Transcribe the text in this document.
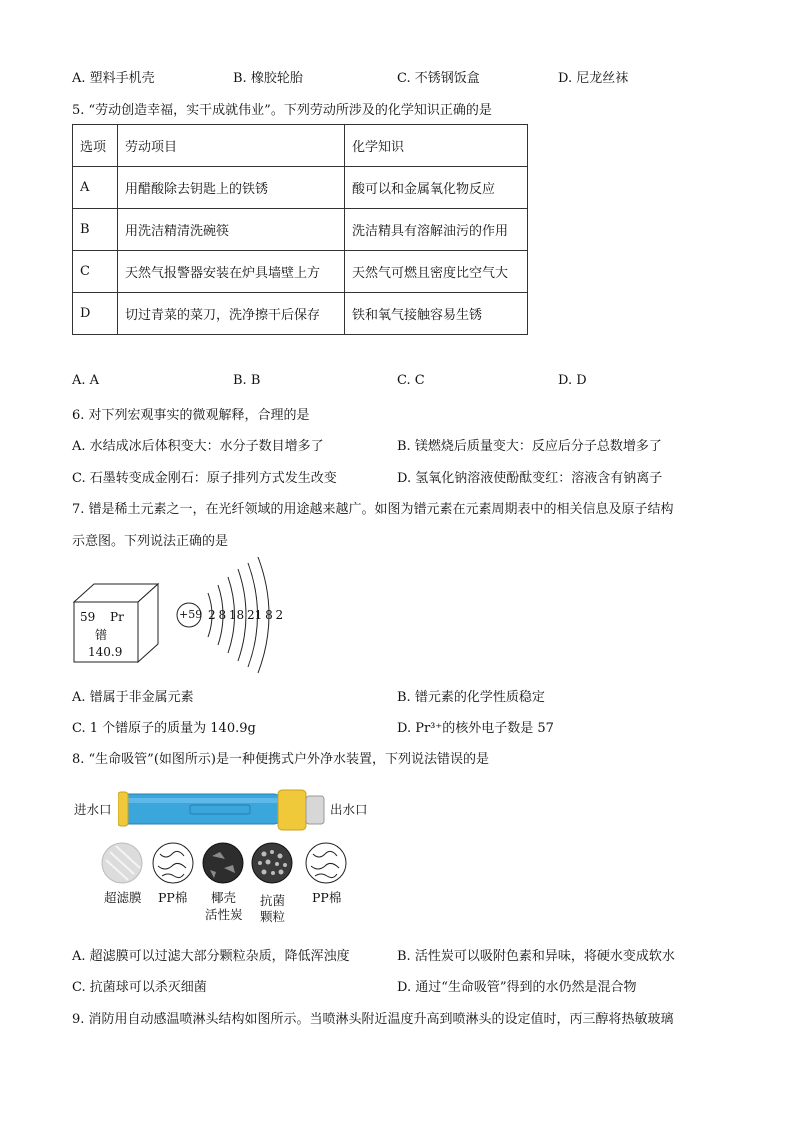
A. 塑料手机壳	B. 橡胶轮胎	C. 不锈钢饭盒	D. 尼龙丝袜
5. “劳动创造幸福，实干成就伟业”。下列劳动所涉及的化学知识正确的是
选项	劳动项目	化学知识
A	用醋酸除去钥匙上的铁锈	酸可以和金属氧化物反应
B	用洗洁精清洗碗筷	洗洁精具有溶解油污的作用
C	天然气报警器安装在炉具墙壁上方	天然气可燃且密度比空气大
D	切过青菜的菜刀，洗净擦干后保存	铁和氧气接触容易生锈
A. A	B. B	C. C	D. D
6. 对下列宏观事实的微观解释，合理的是
A. 水结成冰后体积变大：水分子数目增多了	B. 镁燃烧后质量变大：反应后分子总数增多了
C. 石墨转变成金刚石：原子排列方式发生改变	D. 氢氧化钠溶液使酚酞变红：溶液含有钠离子
7. 镨是稀土元素之一，在光纤领域的用途越来越广。如图为镨元素在元素周期表中的相关信息及原子结构
示意图。下列说法正确的是
59 Pr
镨
140.9
+59 2 8 18 21 8 2
A. 镨属于非金属元素	B. 镨元素的化学性质稳定
C. 1 个镨原子的质量为 140.9g	D. Pr³⁺的核外电子数是 57
8. “生命吸管”(如图所示)是一种便携式户外净水装置，下列说法错误的是
进水口	出水口
超滤膜 PP棉 椰壳
活性炭
抗菌
颗粒
PP棉
A. 超滤膜可以过滤大部分颗粒杂质，降低浑浊度	B. 活性炭可以吸附色素和异味，将硬水变成软水
C. 抗菌球可以杀灭细菌	D. 通过“生命吸管”得到的水仍然是混合物
9. 消防用自动感温喷淋头结构如图所示。当喷淋头附近温度升高到喷淋头的设定值时，丙三醇将热敏玻璃
